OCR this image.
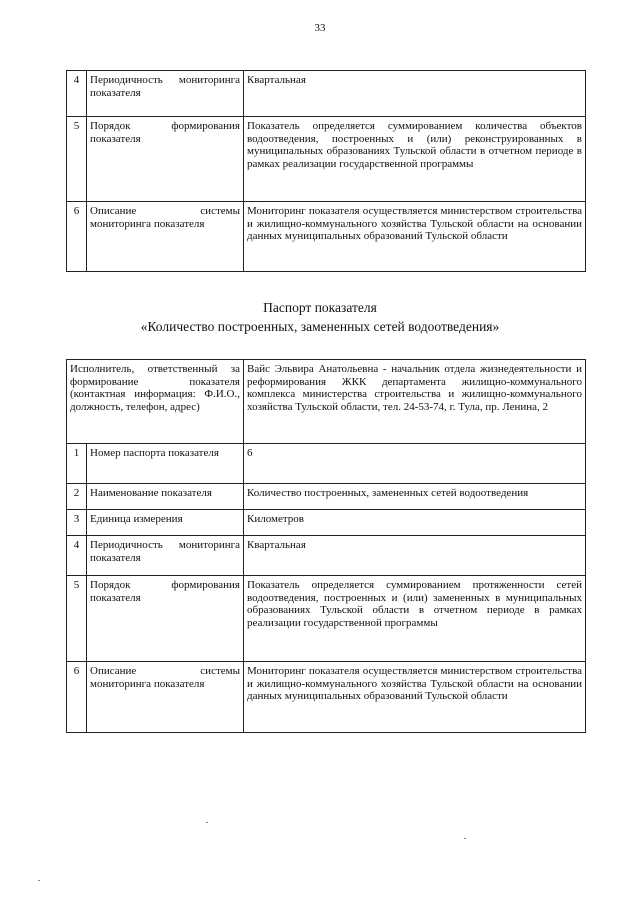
33
4	Периодичность мониторинга показателя	Квартальная
5	Порядок формирования показателя	Показатель определяется суммированием количества объектов водоотведения, построенных и (или) реконструированных в муниципальных образованиях Тульской области в отчетном периоде в рамках реализации государственной программы
6	Описание системы мониторинга показателя	Мониторинг показателя осуществляется министерством строительства и жилищно-коммунального хозяйства Тульской области на основании данных муниципальных образований Тульской области
Паспорт показателя
«Количество построенных, замененных сетей водоотведения»
Исполнитель, ответственный за формирование показателя (контактная информация: Ф.И.О., должность, телефон, адрес)		Вайс Эльвира Анатольевна - начальник отдела жизнедеятельности и реформирования ЖКК департамента жилищно-коммунального комплекса министерства строительства и жилищно-коммунального хозяйства Тульской области, тел. 24-53-74, г. Тула, пр. Ленина, 2
1	Номер паспорта показателя	6
2	Наименование показателя	Количество построенных, замененных сетей водоотведения
3	Единица измерения	Километров
4	Периодичность мониторинга показателя	Квартальная
5	Порядок формирования показателя	Показатель определяется суммированием протяженности сетей водоотведения, построенных и (или) замененных в муниципальных образованиях Тульской области в отчетном периоде в рамках реализации государственной программы
6	Описание системы мониторинга показателя	Мониторинг показателя осуществляется министерством строительства и жилищно-коммунального хозяйства Тульской области на основании данных муниципальных образований Тульской области
